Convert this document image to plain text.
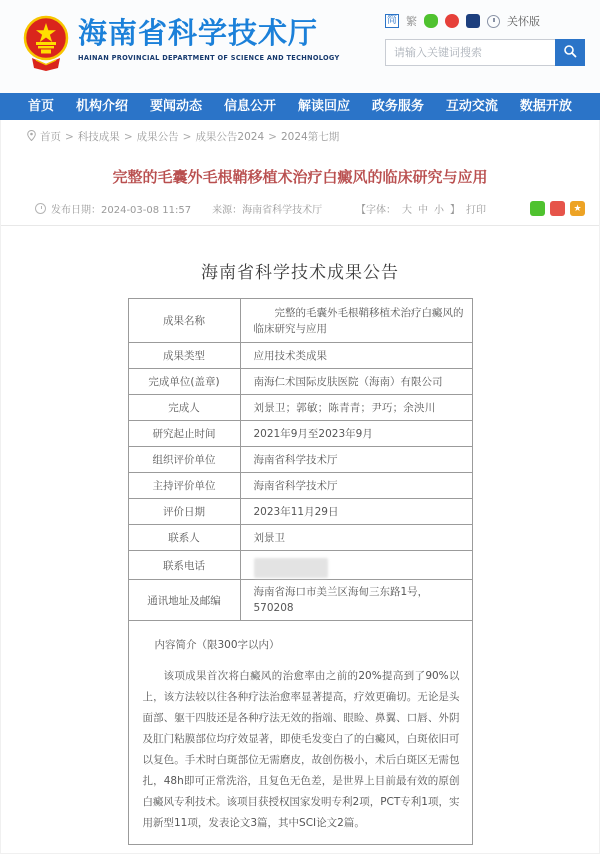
海南省科学技术厅
HAINAN PROVINCIAL DEPARTMENT OF SCIENCE AND TECHNOLOGY
简 繁	关怀版
请输入关键词搜索
首页 机构介绍 要闻动态 信息公开 解读回应 政务服务 互动交流 数据开放
首页 > 科技成果 > 成果公告 > 成果公告2024 > 2024第七期
完整的毛囊外毛根鞘移植术治疗白癜风的临床研究与应用
发布日期：2024-03-08 11:57 来源：海南省科学技术厅	【字体： 大 中 小 】 打印	★
海南省科学技术成果公告
成果名称	完整的毛囊外毛根鞘移植术治疗白癜风的临床研究与应用

成果类型	应用技术类成果
完成单位(盖章)	南海仁术国际皮肤医院（海南）有限公司
完成人	刘景卫；郭敏；陈青青；尹巧；余泱川
研究起止时间	2021年9月至2023年9月
组织评价单位	海南省科学技术厅
主持评价单位	海南省科学技术厅
评价日期	2023年11月29日
联系人	刘景卫
联系电话	

通讯地址及邮编	海南省海口市美兰区海甸三东路1号，570208

内容简介（限300字以内）
该项成果首次将白癜风的治愈率由之前的20%提高到了90%以上，该方法较以往各种疗法治愈率显著提高，疗效更确切。无论是头面部、躯干四肢还是各种疗法无效的指端、眼睑、鼻翼、口唇、外阴及肛门粘膜部位均疗效显著，即使毛发变白了的白癜风，白斑依旧可以复色。手术时白斑部位无需磨皮，故创伤极小，术后白斑区无需包扎，48h即可正常洗浴，且复色无色差，是世界上目前最有效的原创白癜风专利技术。该项目获授权国家发明专利2项，PCT专利1项，实用新型11项，发表论文3篇，其中SCI论文2篇。	
